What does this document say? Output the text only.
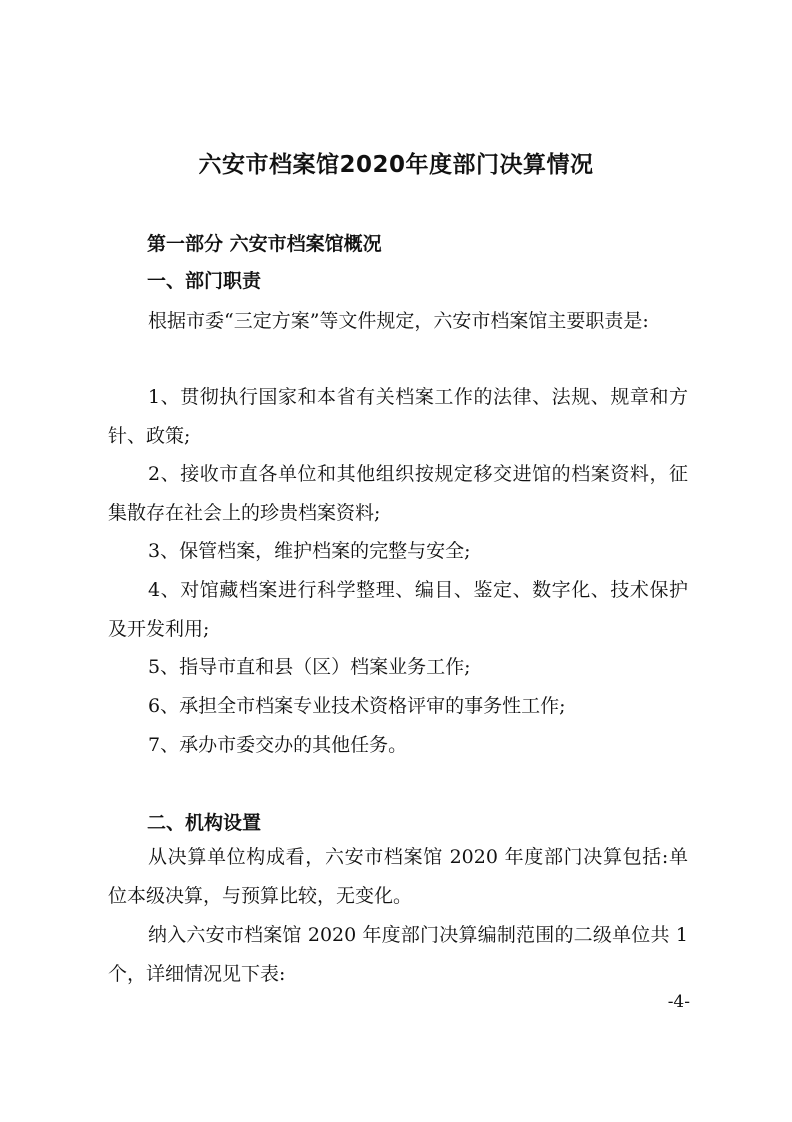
六安市档案馆2020年度部门决算情况
第一部分 六安市档案馆概况
一、部门职责
根据市委“三定方案”等文件规定，六安市档案馆主要职责是:
1、贯彻执行国家和本省有关档案工作的法律、法规、规章和方针、政策;
2、接收市直各单位和其他组织按规定移交进馆的档案资料，征集散存在社会上的珍贵档案资料;
3、保管档案，维护档案的完整与安全;
4、对馆藏档案进行科学整理、编目、鉴定、数字化、技术保护及开发利用;
5、指导市直和县（区）档案业务工作;
6、承担全市档案专业技术资格评审的事务性工作;
7、承办市委交办的其他任务。
二、机构设置
从决算单位构成看，六安市档案馆 2020 年度部门决算包括:单位本级决算，与预算比较，无变化。
纳入六安市档案馆 2020 年度部门决算编制范围的二级单位共 1 个，详细情况见下表:
-4-
